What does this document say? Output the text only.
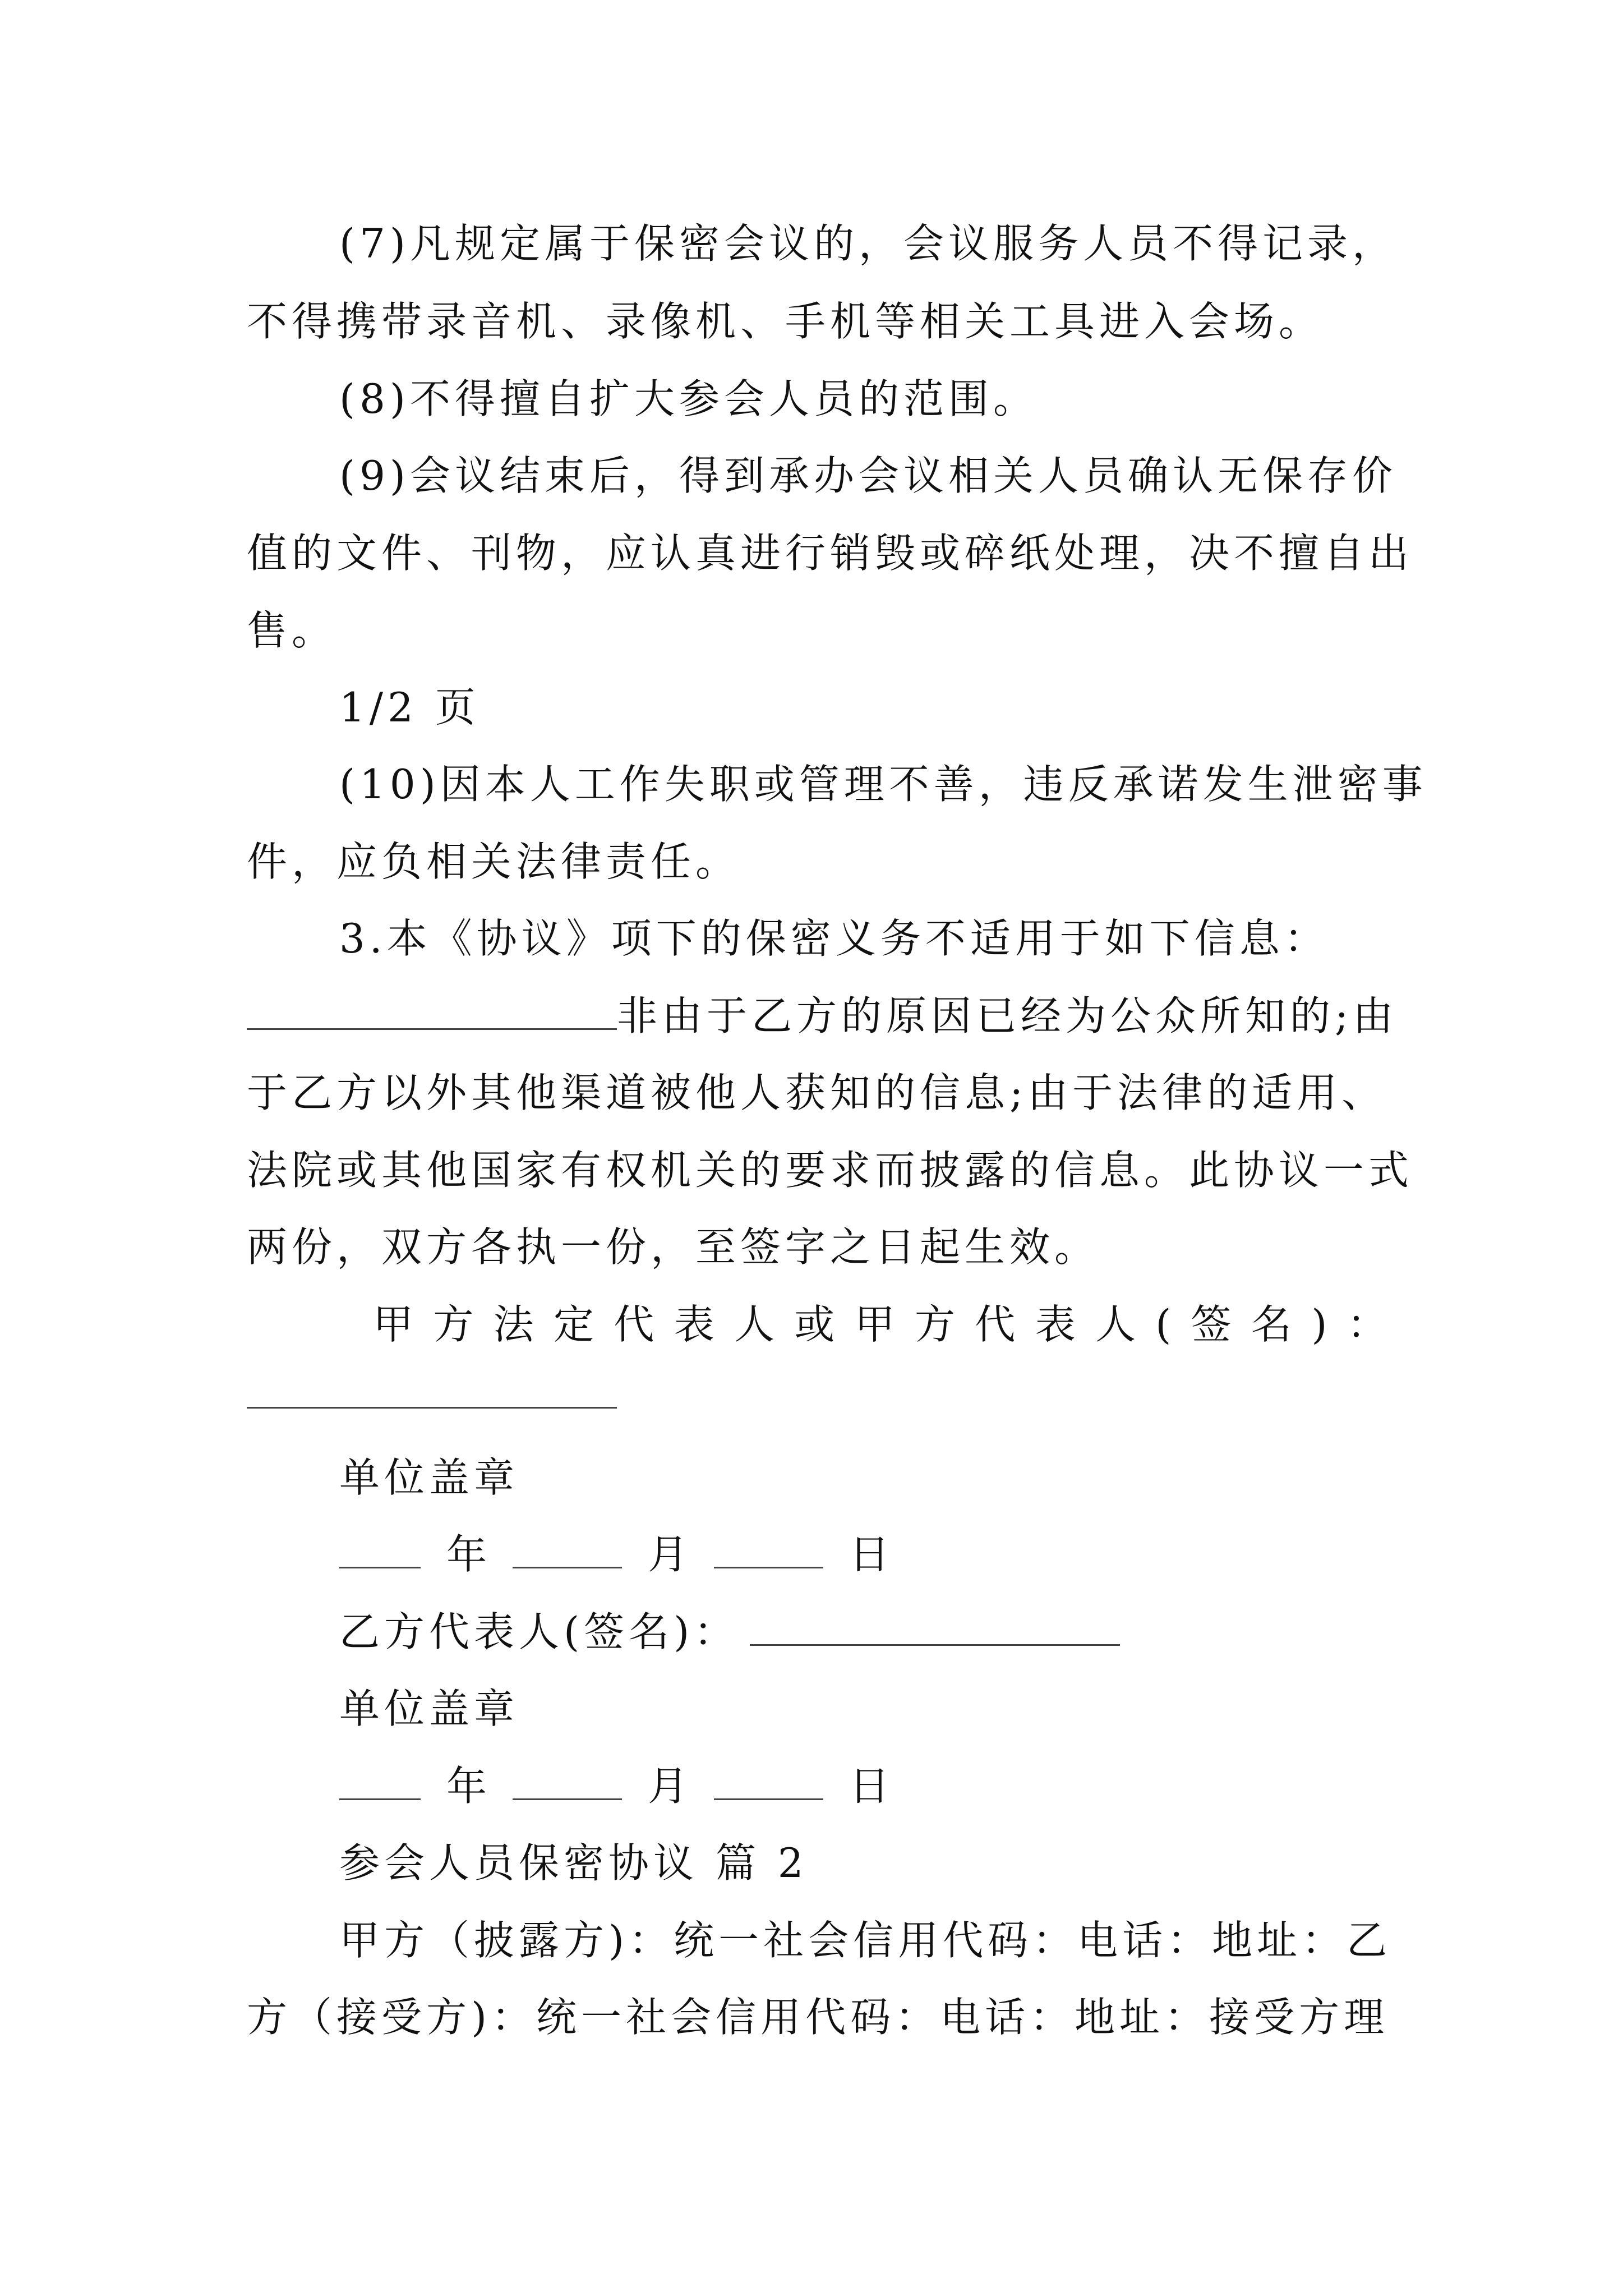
(7)凡规定属于保密会议的，会议服务人员不得记录，
不得携带录音机、录像机、手机等相关工具进入会场。
(8)不得擅自扩大参会人员的范围。
(9)会议结束后，得到承办会议相关人员确认无保存价
值的文件、刊物，应认真进行销毁或碎纸处理，决不擅自出
售。
1/2 页
(10)因本人工作失职或管理不善，违反承诺发生泄密事
件，应负相关法律责任。
3.本《协议》项下的保密义务不适用于如下信息：
非由于乙方的原因已经为公众所知的;由
于乙方以外其他渠道被他人获知的信息;由于法律的适用、
法院或其他国家有权机关的要求而披露的信息。此协议一式
两份，双方各执一份，至签字之日起生效。
甲 方 法 定 代 表 人 或 甲 方 代 表 人 ( 签 名 ) ：
单位盖章
年	月	日
乙方代表人(签名)：
单位盖章
年	月	日
参会人员保密协议 篇 2
甲方（披露方)：统一社会信用代码：电话：地址：乙
方（接受方)：统一社会信用代码：电话：地址：接受方理
